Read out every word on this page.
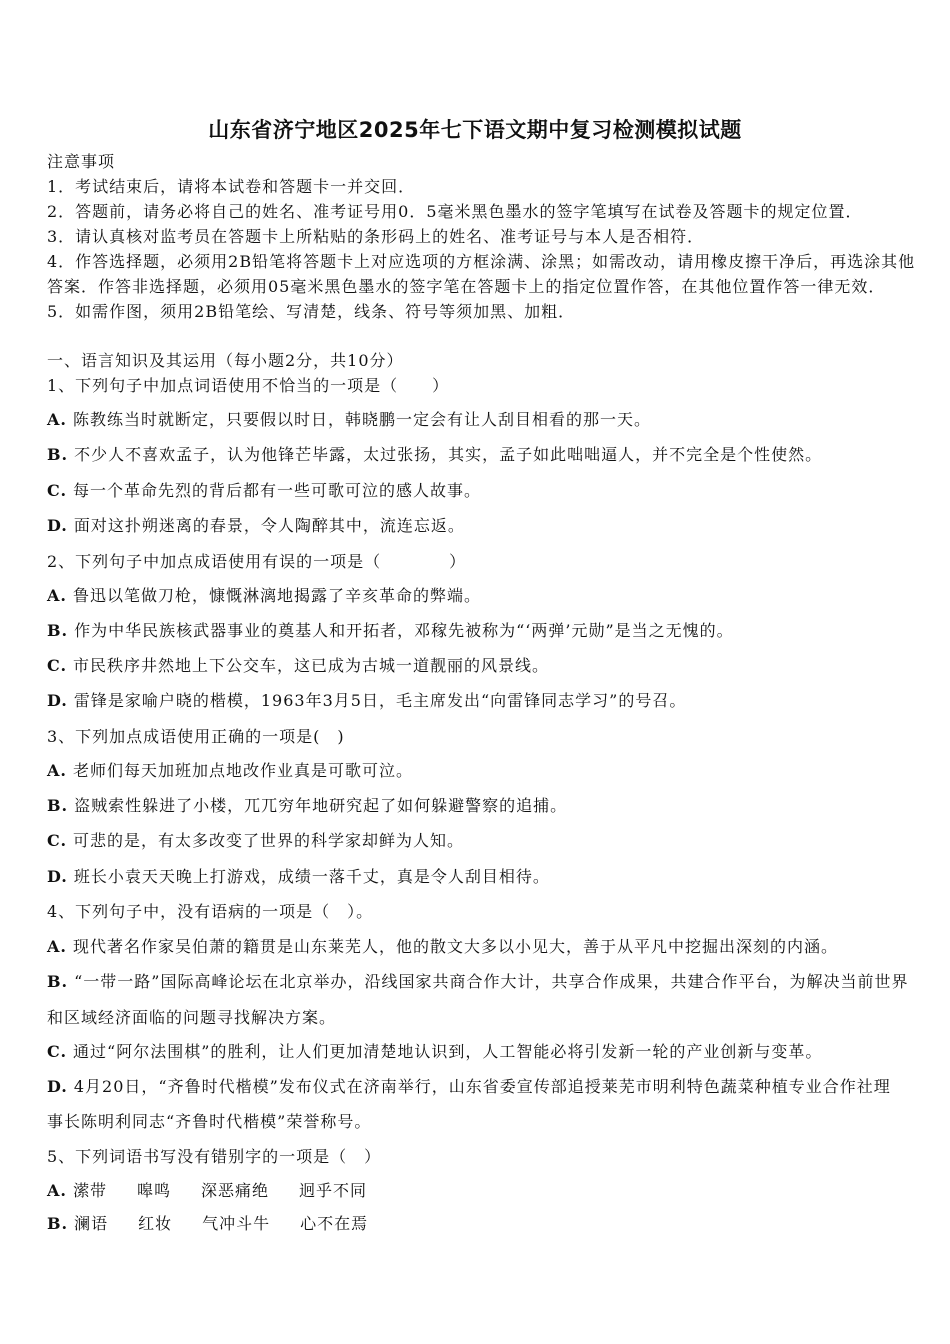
山东省济宁地区2025年七下语文期中复习检测模拟试题
注意事项
1．考试结束后，请将本试卷和答题卡一并交回．
2．答题前，请务必将自己的姓名、准考证号用0．5毫米黑色墨水的签字笔填写在试卷及答题卡的规定位置．
3．请认真核对监考员在答题卡上所粘贴的条形码上的姓名、准考证号与本人是否相符．
4．作答选择题，必须用2B铅笔将答题卡上对应选项的方框涂满、涂黑；如需改动，请用橡皮擦干净后，再选涂其他
答案．作答非选择题，必须用05毫米黑色墨水的签字笔在答题卡上的指定位置作答，在其他位置作答一律无效．
5．如需作图，须用2B铅笔绘、写清楚，线条、符号等须加黑、加粗．
一、语言知识及其运用（每小题2分，共10分）
1、下列句子中加点词语使用不恰当的一项是（　　）
A. 陈教练当时就断定，只要假以时日，韩晓鹏一定会有让人刮目相看的那一天。
B. 不少人不喜欢孟子，认为他锋芒毕露，太过张扬，其实，孟子如此咄咄逼人，并不完全是个性使然。
C. 每一个革命先烈的背后都有一些可歌可泣的感人故事。
D. 面对这扑朔迷离的春景，令人陶醉其中，流连忘返。
2、下列句子中加点成语使用有误的一项是（　　　　）
A. 鲁迅以笔做刀枪，慷慨淋漓地揭露了辛亥革命的弊端。
B. 作为中华民族核武器事业的奠基人和开拓者，邓稼先被称为“‘两弹’元勋”是当之无愧的。
C. 市民秩序井然地上下公交车，这已成为古城一道靓丽的风景线。
D. 雷锋是家喻户晓的楷模，1963年3月5日，毛主席发出“向雷锋同志学习”的号召。
3、下列加点成语使用正确的一项是(　)
A. 老师们每天加班加点地改作业真是可歌可泣。
B. 盗贼索性躲进了小楼，兀兀穷年地研究起了如何躲避警察的追捕。
C. 可悲的是，有太多改变了世界的科学家却鲜为人知。
D. 班长小袁天天晚上打游戏，成绩一落千丈，真是令人刮目相待。
4、下列句子中，没有语病的一项是（　）。
A. 现代著名作家吴伯萧的籍贯是山东莱芜人，他的散文大多以小见大，善于从平凡中挖掘出深刻的内涵。
B. “一带一路”国际高峰论坛在北京举办，沿线国家共商合作大计，共享合作成果，共建合作平台，为解决当前世界
和区域经济面临的问题寻找解决方案。
C. 通过“阿尔法围棋”的胜利，让人们更加清楚地认识到，人工智能必将引发新一轮的产业创新与变革。
D. 4月20日，“齐鲁时代楷模”发布仪式在济南举行，山东省委宣传部追授莱芜市明利特色蔬菜种植专业合作社理
事长陈明利同志“齐鲁时代楷模”荣誉称号。
5、下列词语书写没有错别字的一项是（　）
A. 潆带 嗥鸣 深恶痛绝 迥乎不同
B. 澜语 红妆 气冲斗牛 心不在焉
